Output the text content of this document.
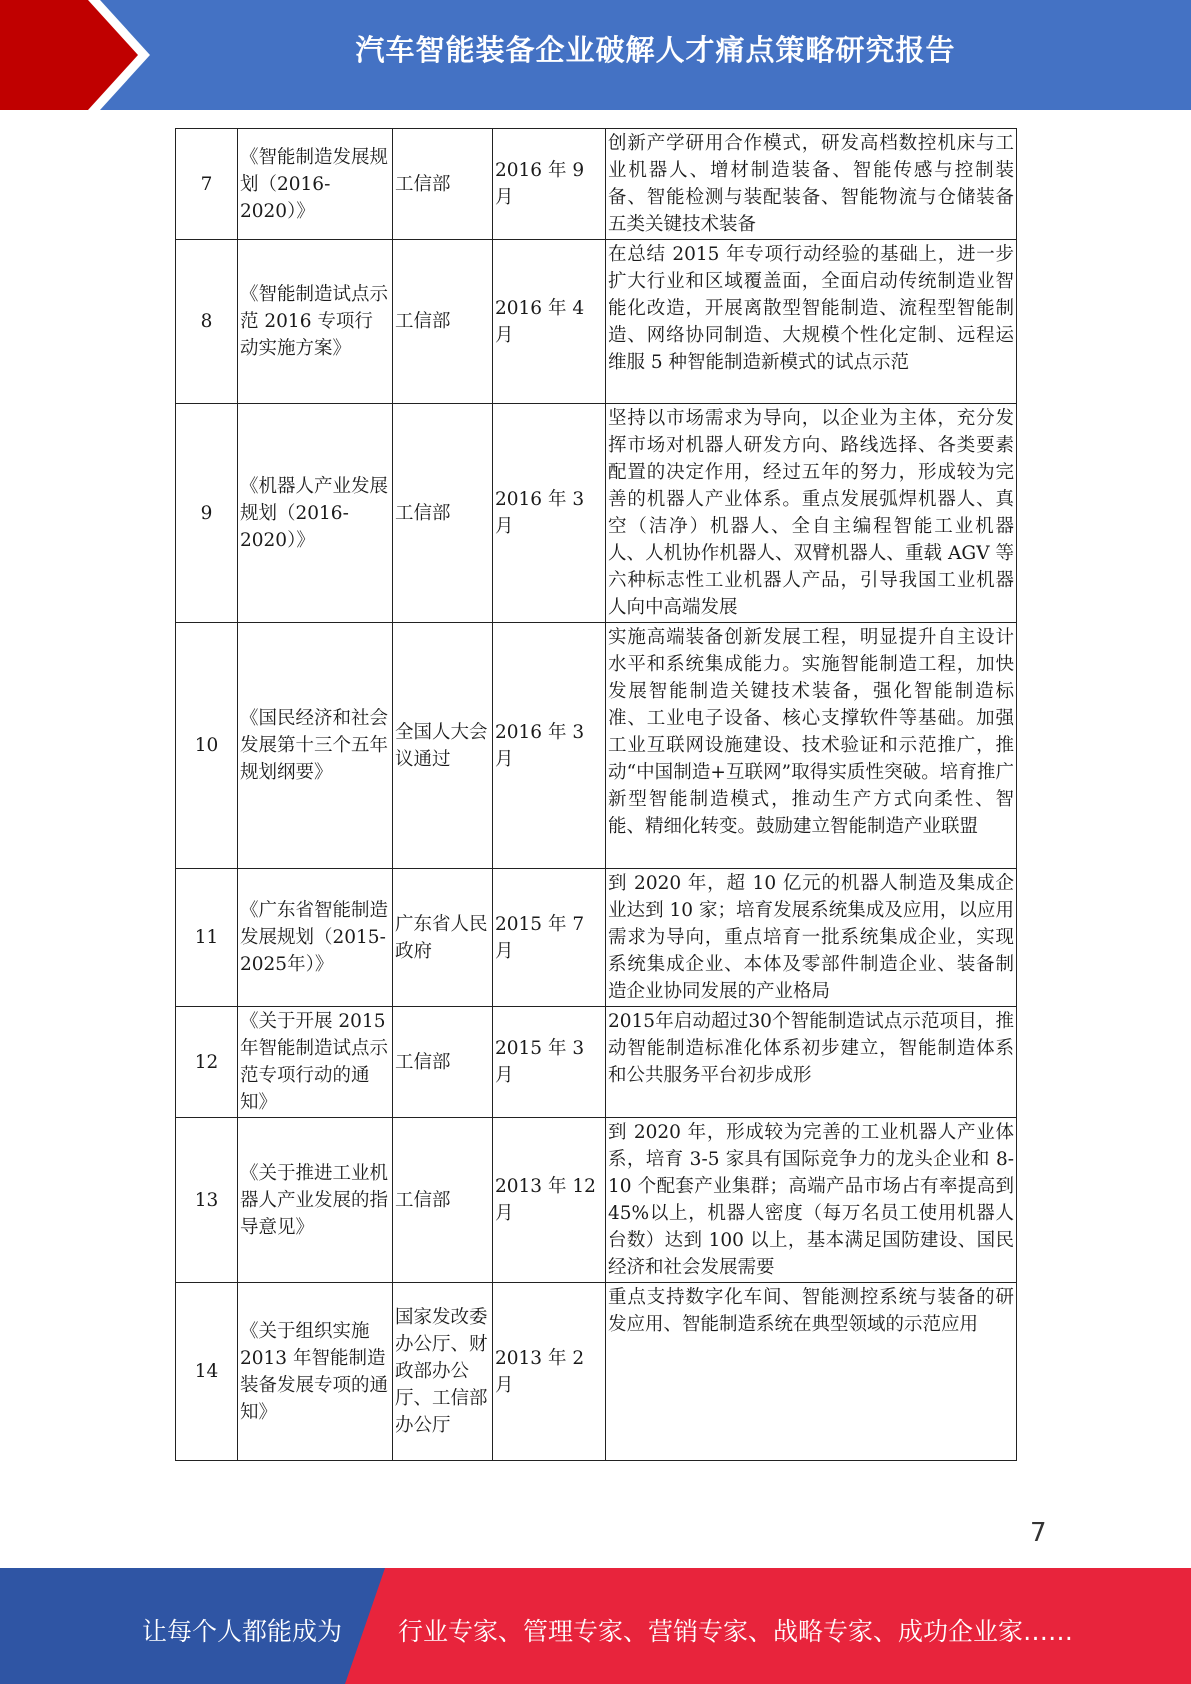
汽车智能装备企业破解人才痛点策略研究报告
7	《智能制造发展规划（2016-2020）》	工信部	2016 年 9 月	创新产学研用合作模式，研发高档数控机床与工业机器人、增材制造装备、智能传感与控制装备、智能检测与装配装备、智能物流与仓储装备五类关键技术装备
8	《智能制造试点示范 2016 专项行动实施方案》	工信部	2016 年 4 月	在总结 2015 年专项行动经验的基础上，进一步扩大行业和区域覆盖面，全面启动传统制造业智能化改造，开展离散型智能制造、流程型智能制造、网络协同制造、大规模个性化定制、远程运维服 5 种智能制造新模式的试点示范
9	《机器人产业发展规划（2016-2020）》	工信部	2016 年 3 月	坚持以市场需求为导向，以企业为主体，充分发挥市场对机器人研发方向、路线选择、各类要素配置的决定作用，经过五年的努力，形成较为完善的机器人产业体系。重点发展弧焊机器人、真空（洁净）机器人、全自主编程智能工业机器人、人机协作机器人、双臂机器人、重载 AGV 等六种标志性工业机器人产品，引导我国工业机器人向中高端发展
10	《国民经济和社会发展第十三个五年规划纲要》	全国人大会议通过	2016 年 3 月	实施高端装备创新发展工程，明显提升自主设计水平和系统集成能力。实施智能制造工程，加快发展智能制造关键技术装备，强化智能制造标准、工业电子设备、核心支撑软件等基础。加强工业互联网设施建设、技术验证和示范推广，推动“中国制造+互联网”取得实质性突破。培育推广新型智能制造模式，推动生产方式向柔性、智能、精细化转变。鼓励建立智能制造产业联盟
11	《广东省智能制造发展规划（2015-2025年）》	广东省人民政府	2015 年 7 月	到 2020 年，超 10 亿元的机器人制造及集成企业达到 10 家；培育发展系统集成及应用，以应用需求为导向，重点培育一批系统集成企业，实现系统集成企业、本体及零部件制造企业、装备制造企业协同发展的产业格局
12	《关于开展 2015 年智能制造试点示范专项行动的通知》	工信部	2015 年 3 月	2015年启动超过30个智能制造试点示范项目，推动智能制造标准化体系初步建立，智能制造体系和公共服务平台初步成形
13	《关于推进工业机器人产业发展的指导意见》	工信部	2013 年 12 月	到 2020 年，形成较为完善的工业机器人产业体系，培育 3-5 家具有国际竞争力的龙头企业和 8-10 个配套产业集群；高端产品市场占有率提高到 45%以上，机器人密度（每万名员工使用机器人台数）达到 100 以上，基本满足国防建设、国民经济和社会发展需要
14	《关于组织实施 2013 年智能制造装备发展专项的通知》	国家发改委办公厅、财政部办公厅、工信部办公厅	2013 年 2 月	重点支持数字化车间、智能测控系统与装备的研发应用、智能制造系统在典型领域的示范应用
7
让每个人都能成为 行业专家、管理专家、营销专家、战略专家、成功企业家……
